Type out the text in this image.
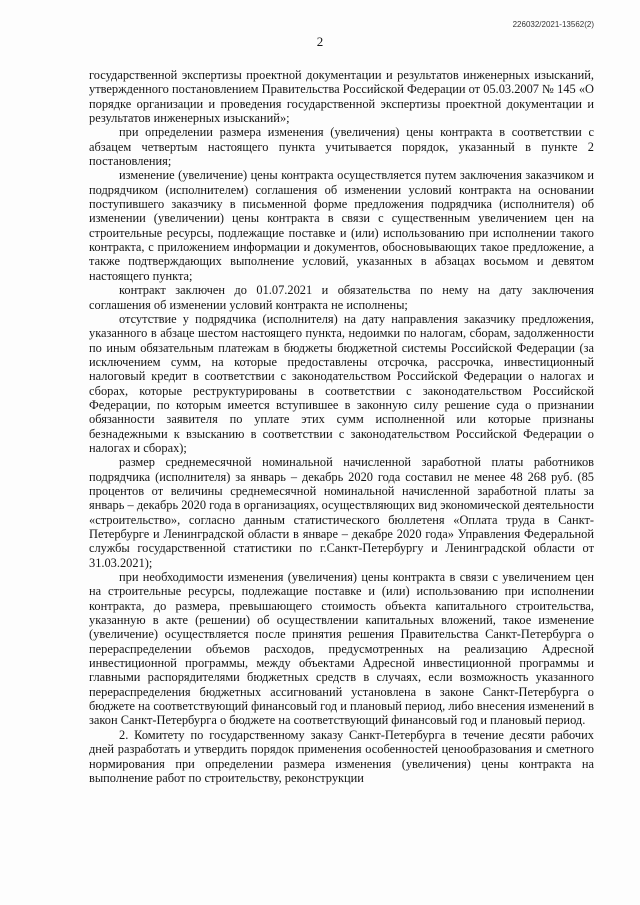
226032/2021-13562(2)
2

государственной экспертизы проектной документации и результатов инженерных изысканий, утвержденного постановлением Правительства Российской Федерации от 05.03.2007 № 145 «О порядке организации и проведения государственной экспертизы проектной документации и результатов инженерных изысканий»;

при определении размера изменения (увеличения) цены контракта в соответствии с абзацем четвертым настоящего пункта учитывается порядок, указанный в пункте 2 постановления;

изменение (увеличение) цены контракта осуществляется путем заключения заказчиком и подрядчиком (исполнителем) соглашения об изменении условий контракта на основании поступившего заказчику в письменной форме предложения подрядчика (исполнителя) об изменении (увеличении) цены контракта в связи с существенным увеличением цен на строительные ресурсы, подлежащие поставке и (или) использованию при исполнении такого контракта, с приложением информации и документов, обосновывающих такое предложение, а также подтверждающих выполнение условий, указанных в абзацах восьмом и девятом настоящего пункта;

контракт заключен до 01.07.2021 и обязательства по нему на дату заключения соглашения об изменении условий контракта не исполнены;

отсутствие у подрядчика (исполнителя) на дату направления заказчику предложения, указанного в абзаце шестом настоящего пункта, недоимки по налогам, сборам, задолженности по иным обязательным платежам в бюджеты бюджетной системы Российской Федерации (за исключением сумм, на которые предоставлены отсрочка, рассрочка, инвестиционный налоговый кредит в соответствии с законодательством Российской Федерации о налогах и сборах, которые реструктурированы в соответствии с законодательством Российской Федерации, по которым имеется вступившее в законную силу решение суда о признании обязанности заявителя по уплате этих сумм исполненной или которые признаны безнадежными к взысканию в соответствии с законодательством Российской Федерации о налогах и сборах);

размер среднемесячной номинальной начисленной заработной платы работников подрядчика (исполнителя) за январь – декабрь 2020 года составил не менее 48 268 руб. (85 процентов от величины среднемесячной номинальной начисленной заработной платы за январь – декабрь 2020 года в организациях, осуществляющих вид экономической деятельности «строительство», согласно данным статистического бюллетеня «Оплата труда в Санкт-Петербурге и Ленинградской области в январе – декабре 2020 года» Управления Федеральной службы государственной статистики по г.Санкт-Петербургу и Ленинградской области от 31.03.2021);

при необходимости изменения (увеличения) цены контракта в связи с увеличением цен на строительные ресурсы, подлежащие поставке и (или) использованию при исполнении контракта, до размера, превышающего стоимость объекта капитального строительства, указанную в акте (решении) об осуществлении капитальных вложений, такое изменение (увеличение) осуществляется после принятия решения Правительства Санкт-Петербурга о перераспределении объемов расходов, предусмотренных на реализацию Адресной инвестиционной программы, между объектами Адресной инвестиционной программы и главными распорядителями бюджетных средств в случаях, если возможность указанного перераспределения бюджетных ассигнований установлена в законе Санкт-Петербурга о бюджете на соответствующий финансовый год и плановый период, либо внесения изменений в закон Санкт-Петербурга о бюджете на соответствующий финансовый год и плановый период.

2. Комитету по государственному заказу Санкт-Петербурга в течение десяти рабочих дней разработать и утвердить порядок применения особенностей ценообразования и сметного нормирования при определении размера изменения (увеличения) цены контракта на выполнение работ по строительству, реконструкции
